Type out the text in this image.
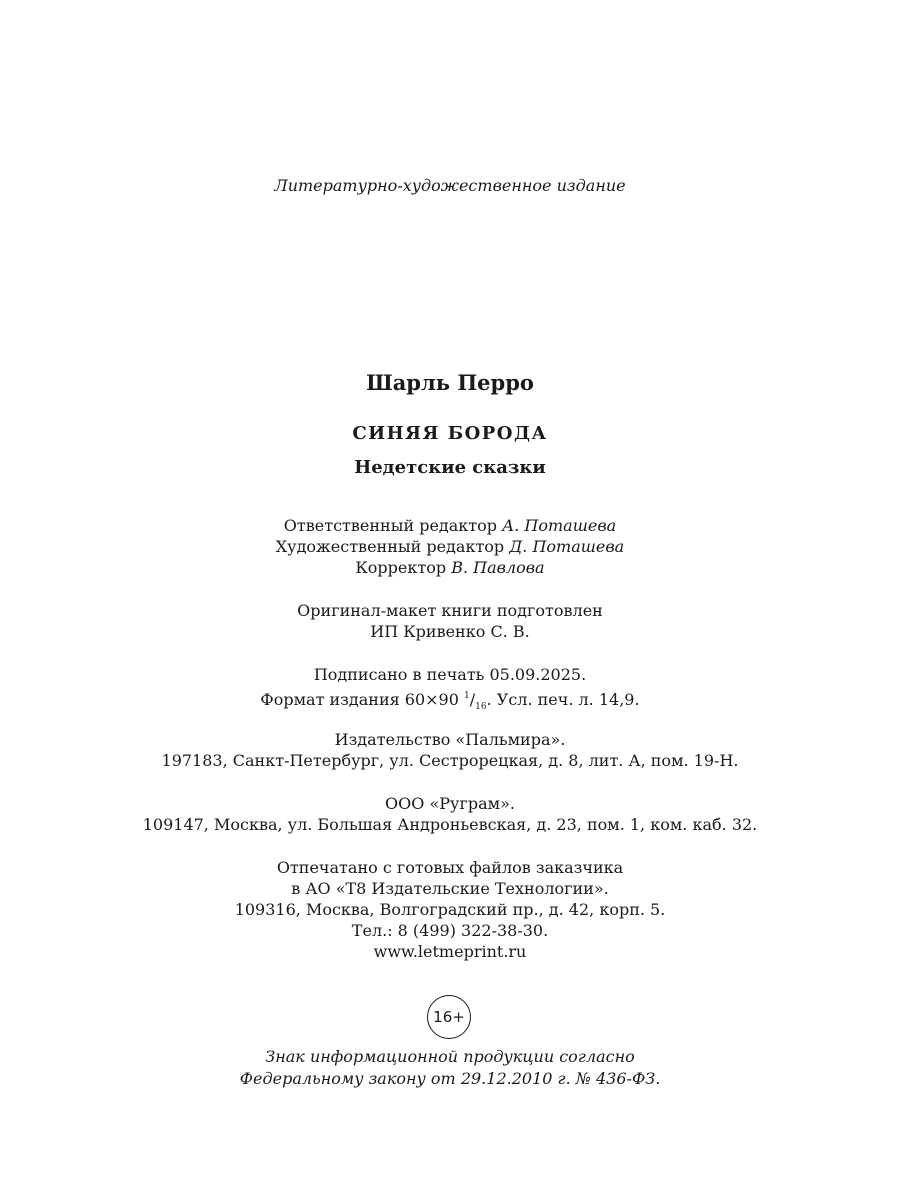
Литературно-художественное издание
Шарль Перро
СИНЯЯ БОРОДА
Недетские сказки
Ответственный редактор А. Поташева
Художественный редактор Д. Поташева
Корректор В. Павлова
Оригинал-макет книги подготовлен
ИП Кривенко С. В.
Подписано в печать 05.09.2025.
Формат издания 60×90 $^1/_{16}$. Усл. печ. л. 14,9.
Издательство «Пальмира».
197183, Санкт-Петербург, ул. Сестрорецкая, д. 8, лит. А, пом. 19-Н.
ООО «Руграм».
109147, Москва, ул. Большая Андроньевская, д. 23, пом. 1, ком. каб. 32.
Отпечатано с готовых файлов заказчика
в АО «Т8 Издательские Технологии».
109316, Москва, Волгоградский пр., д. 42, корп. 5.
Тел.: 8 (499) 322-38-30.
www.letmeprint.ru
16+
Знак информационной продукции согласно
Федеральному закону от 29.12.2010 г. № 436-ФЗ.
